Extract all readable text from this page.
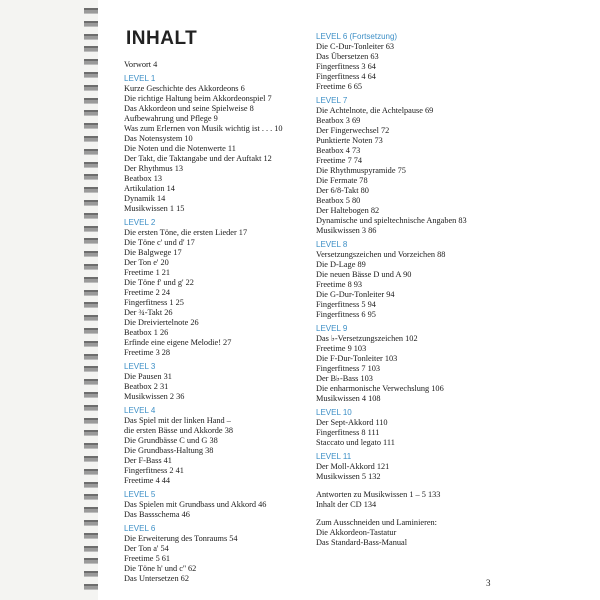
INHALT
Vorwort 4
LEVEL 1
Kurze Geschichte des Akkordeons 6
Die richtige Haltung beim Akkordeonspiel 7
Das Akkordeon und seine Spielweise 8
Aufbewahrung und Pflege 9
Was zum Erlernen von Musik wichtig ist . . . 10
Das Notensystem 10
Die Noten und die Notenwerte 11
Der Takt, die Taktangabe und der Auftakt 12
Der Rhythmus 13
Beatbox 13
Artikulation 14
Dynamik 14
Musikwissen 1 15
LEVEL 2
Die ersten Töne, die ersten Lieder 17
Die Töne c' und d' 17
Die Balgwege 17
Der Ton e' 20
Freetime 1 21
Die Töne f' und g' 22
Freetime 2 24
Fingerfitness 1 25
Der ¾-Takt 26
Die Dreiviertelnote 26
Beatbox 1 26
Erfinde eine eigene Melodie! 27
Freetime 3 28
LEVEL 3
Die Pausen 31
Beatbox 2 31
Musikwissen 2 36
LEVEL 4
Das Spiel mit der linken Hand –
die ersten Bässe und Akkorde 38
Die Grundbässe C und G 38
Die Grundbass-Haltung 38
Der F-Bass 41
Fingerfitness 2 41
Freetime 4 44
LEVEL 5
Das Spielen mit Grundbass und Akkord 46
Das Bassschema 46
LEVEL 6
Die Erweiterung des Tonraums 54
Der Ton a' 54
Freetime 5 61
Die Töne h' und c'' 62
Das Untersetzen 62
LEVEL 6 (Fortsetzung)
Die C-Dur-Tonleiter 63
Das Übersetzen 63
Fingerfitness 3 64
Fingerfitness 4 64
Freetime 6 65
LEVEL 7
Die Achtelnote, die Achtelpause 69
Beatbox 3 69
Der Fingerwechsel 72
Punktierte Noten 73
Beatbox 4 73
Freetime 7 74
Die Rhythmuspyramide 75
Die Fermate 78
Der 6/8-Takt 80
Beatbox 5 80
Der Haltebogen 82
Dynamische und spieltechnische Angaben 83
Musikwissen 3 86
LEVEL 8
Versetzungszeichen und Vorzeichen 88
Die D-Lage 89
Die neuen Bässe D und A 90
Freetime 8 93
Die G-Dur-Tonleiter 94
Fingerfitness 5 94
Fingerfitness 6 95
LEVEL 9
Das ♭-Versetzungszeichen 102
Freetime 9 103
Die F-Dur-Tonleiter 103
Fingerfitness 7 103
Der B♭-Bass 103
Die enharmonische Verwechslung 106
Musikwissen 4 108
LEVEL 10
Der Sept-Akkord 110
Fingerfitness 8 111
Staccato und legato 111
LEVEL 11
Der Moll-Akkord 121
Musikwissen 5 132
Antworten zu Musikwissen 1 – 5 133
Inhalt der CD 134
Zum Ausschneiden und Laminieren:
Die Akkordeon-Tastatur
Das Standard-Bass-Manual
3
